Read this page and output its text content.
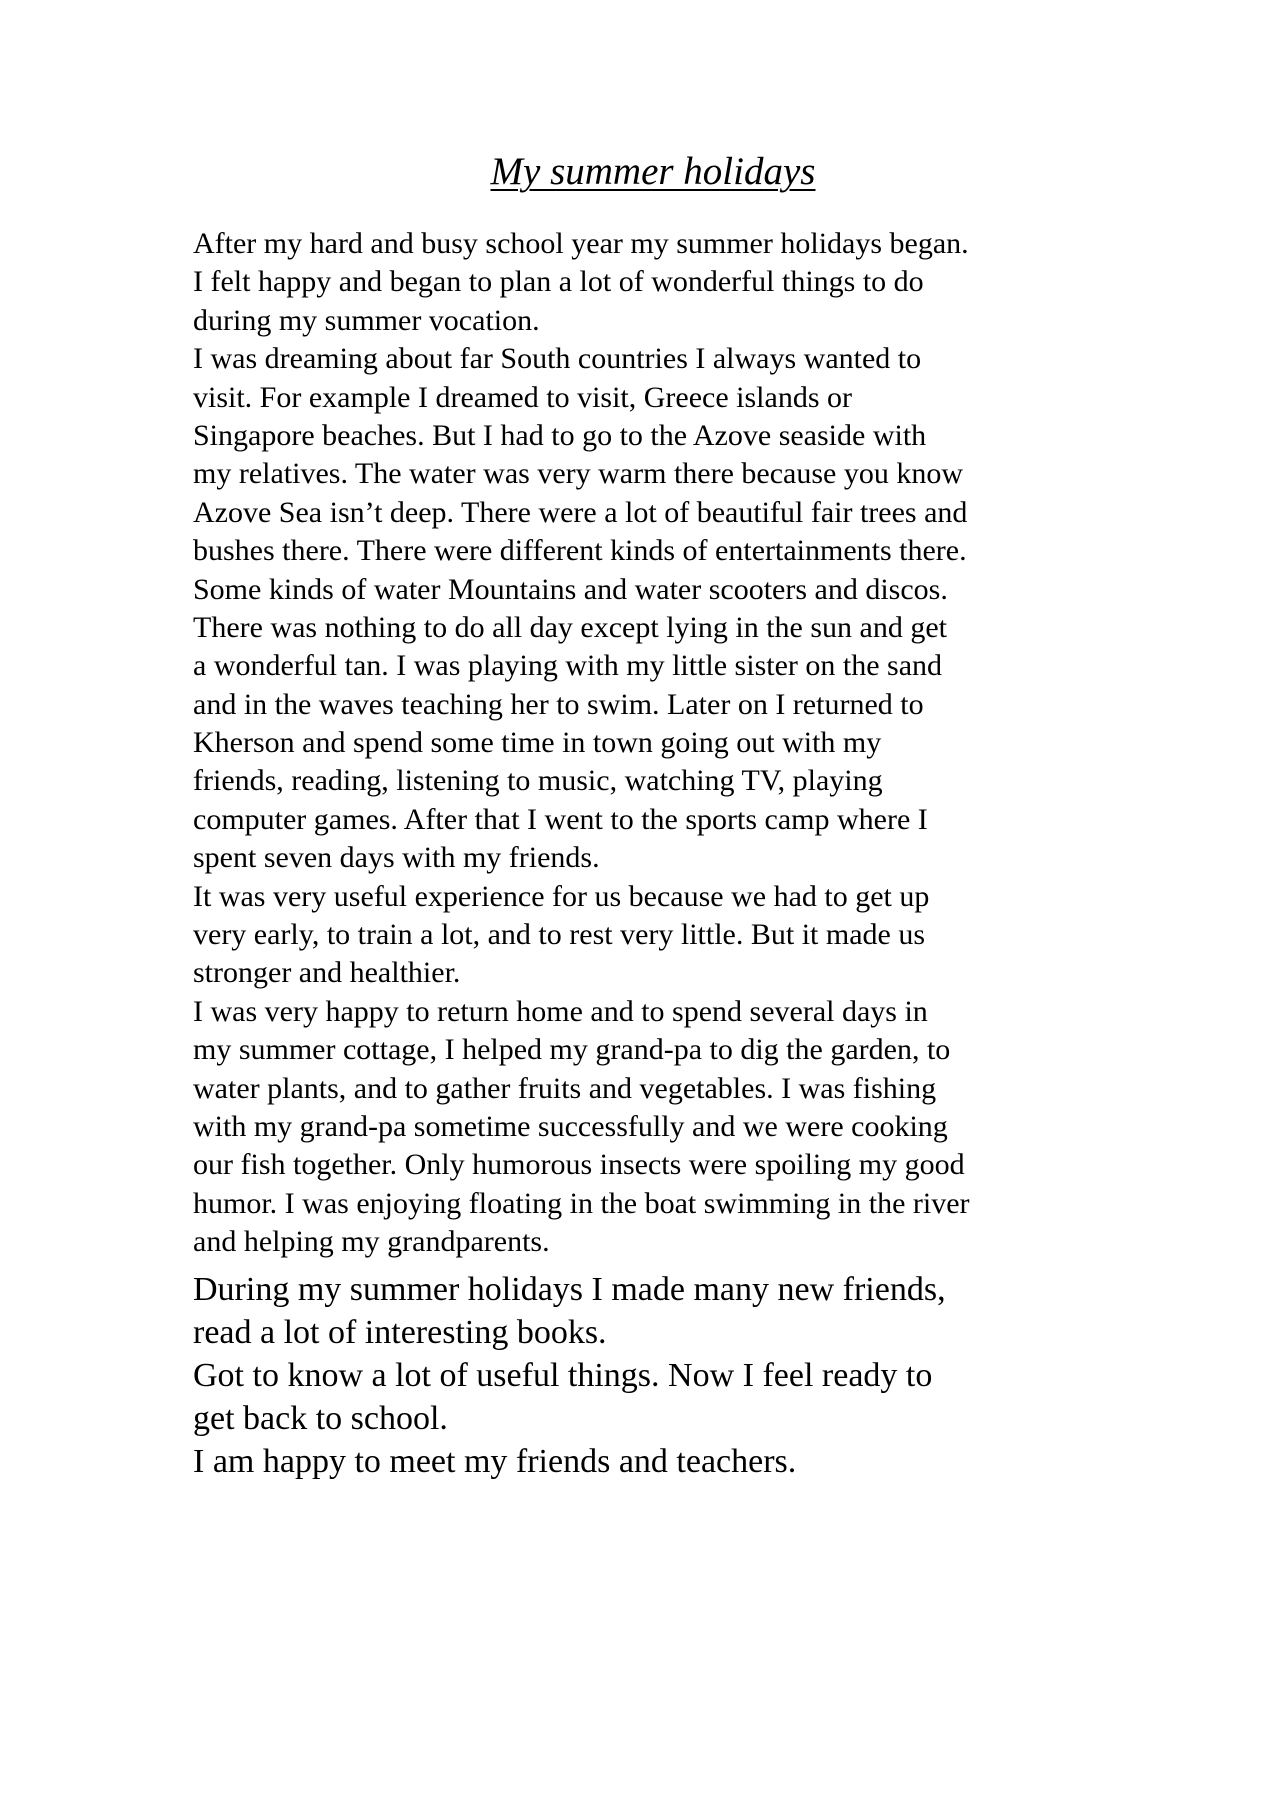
My summer holidays
After my hard and busy school year my summer holidays began.
I felt happy and began to plan a lot of wonderful things to do
during my summer vocation.
I was dreaming about far South countries I always wanted to
visit. For example I dreamed to visit, Greece islands or
Singapore beaches. But I had to go to the Azove seaside with
my relatives. The water was very warm there because you know
Azove Sea isn’t deep. There were a lot of beautiful fair trees and
bushes there. There were different kinds of entertainments there.
Some kinds of water Mountains and water scooters and discos.
There was nothing to do all day except lying in the sun and get
a wonderful tan. I was playing with my little sister on the sand
and in the waves teaching her to swim. Later on I returned to
Kherson and spend some time in town going out with my
friends, reading, listening to music, watching TV, playing
computer games. After that I went to the sports camp where I
spent seven days with my friends.
It was very useful experience for us because we had to get up
very early, to train a lot, and to rest very little. But it made us
stronger and healthier.
I was very happy to return home and to spend several days in
my summer cottage, I helped my grand-pa to dig the garden, to
water plants, and to gather fruits and vegetables. I was fishing
with my grand-pa sometime successfully and we were cooking
our fish together. Only humorous insects were spoiling my good
humor. I was enjoying floating in the boat swimming in the river
and helping my grandparents.
During my summer holidays I made many new friends,
read a lot of interesting books.
Got to know a lot of useful things. Now I feel ready to
get back to school.
I am happy to meet my friends and teachers.
